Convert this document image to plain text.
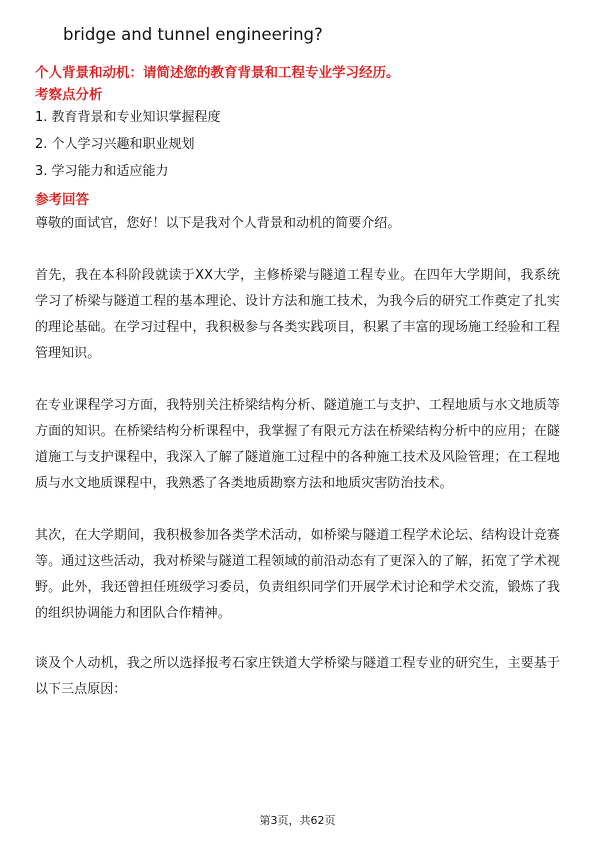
bridge and tunnel engineering?

个人背景和动机：请简述您的教育背景和工程专业学习经历。

考察点分析

1. 教育背景和专业知识掌握程度
2. 个人学习兴趣和职业规划
3. 学习能力和适应能力

参考回答

尊敬的面试官，您好！以下是我对个人背景和动机的简要介绍。

首先，我在本科阶段就读于XX大学，主修桥梁与隧道工程专业。在四年大学期间，我系统学习了桥梁与隧道工程的基本理论、设计方法和施工技术，为我今后的研究工作奠定了扎实的理论基础。在学习过程中，我积极参与各类实践项目，积累了丰富的现场施工经验和工程管理知识。

在专业课程学习方面，我特别关注桥梁结构分析、隧道施工与支护、工程地质与水文地质等方面的知识。在桥梁结构分析课程中，我掌握了有限元方法在桥梁结构分析中的应用；在隧道施工与支护课程中，我深入了解了隧道施工过程中的各种施工技术及风险管理；在工程地质与水文地质课程中，我熟悉了各类地质勘察方法和地质灾害防治技术。

其次，在大学期间，我积极参加各类学术活动，如桥梁与隧道工程学术论坛、结构设计竞赛等。通过这些活动，我对桥梁与隧道工程领域的前沿动态有了更深入的了解，拓宽了学术视野。此外，我还曾担任班级学习委员，负责组织同学们开展学术讨论和学术交流，锻炼了我的组织协调能力和团队合作精神。

谈及个人动机，我之所以选择报考石家庄铁道大学桥梁与隧道工程专业的研究生，主要基于以下三点原因：

第3页，共62页
